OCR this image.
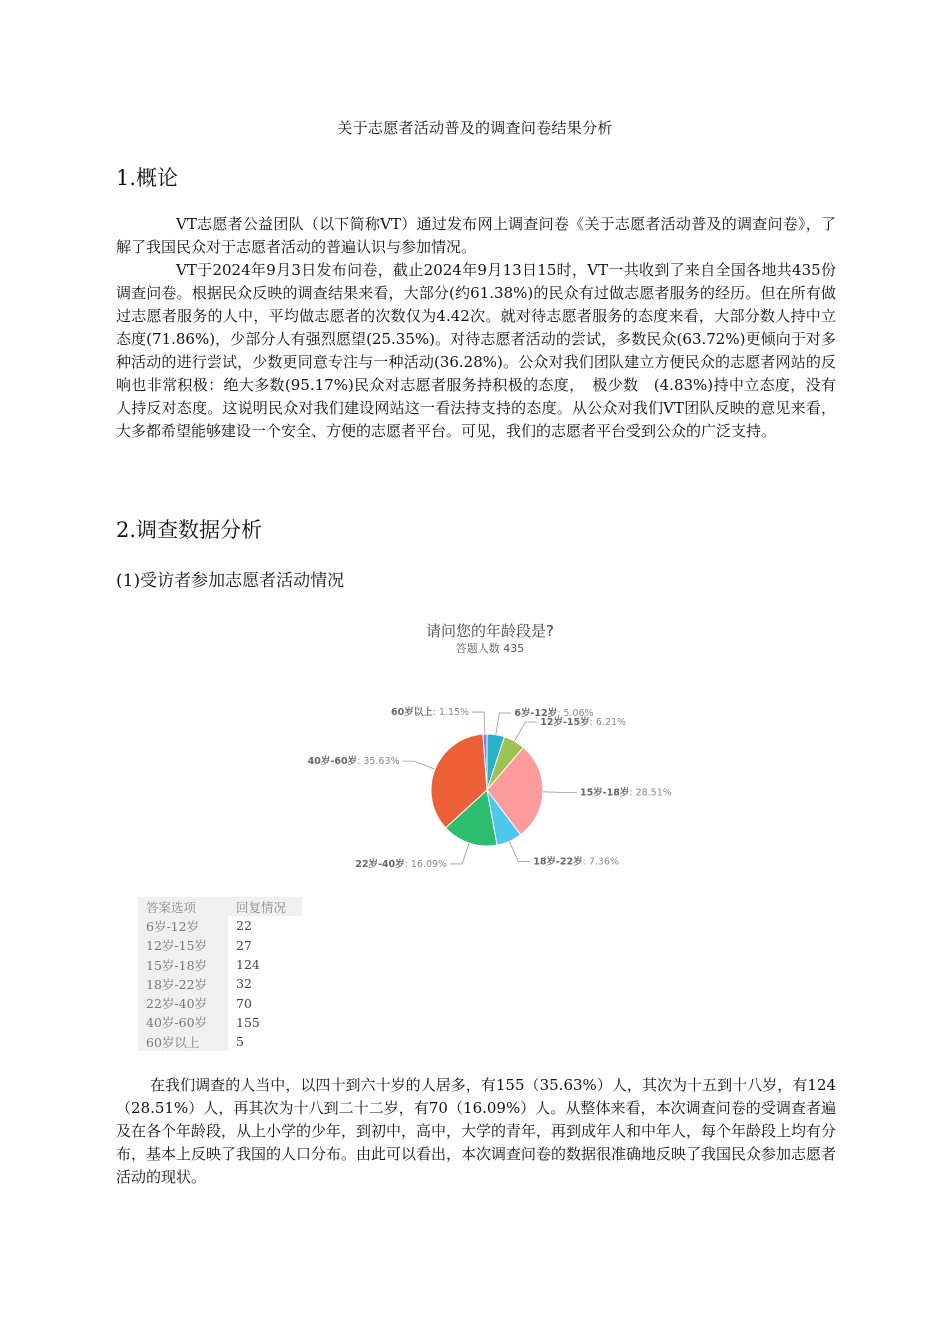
关于志愿者活动普及的调查问卷结果分析
1.概论

VT志愿者公益团队（以下简称VT）通过发布网上调查问卷《关于志愿者活动普及的调查问卷》，了解了我国民众对于志愿者活动的普遍认识与参加情况。

VT于2024年9月3日发布问卷，截止2024年9月13日15时，VT一共收到了来自全国各地共435份调查问卷。根据民众反映的调查结果来看，大部分(约61.38%)的民众有过做志愿者服务的经历。但在所有做过志愿者服务的人中，平均做志愿者的次数仅为4.42次。就对待志愿者服务的态度来看，大部分数人持中立态度(71.86%)，少部分人有强烈愿望(25.35%)。对待志愿者活动的尝试，多数民众(63.72%)更倾向于对多种活动的进行尝试，少数更同意专注与一种活动(36.28%)。公众对我们团队建立方便民众的志愿者网站的反响也非常积极：绝大多数(95.17%)民众对志愿者服务持积极的态度，　极少数　(4.83%)持中立态度，没有人持反对态度。这说明民众对我们建设网站这一看法持支持的态度。从公众对我们VT团队反映的意见来看，大多都希望能够建设一个安全、方便的志愿者平台。可见，我们的志愿者平台受到公众的广泛支持。

2.调查数据分析
(1)受访者参加志愿者活动情况
请问您的年龄段是?
答题人数 435
6岁-12岁: 5.06%
12岁-15岁: 6.21%
15岁-18岁: 28.51%
18岁-22岁: 7.36%
22岁-40岁: 16.09%
40岁-60岁: 35.63%
60岁以上: 1.15%
答案选项	回复情况
6岁-12岁	22
12岁-15岁	27
15岁-18岁	124
18岁-22岁	32
22岁-40岁	70
40岁-60岁	155
60岁以上	5

在我们调查的人当中，以四十到六十岁的人居多，有155（35.63%）人，其次为十五到十八岁，有124（28.51%）人，再其次为十八到二十二岁，有70（16.09%）人。从整体来看，本次调查问卷的受调查者遍及在各个年龄段，从上小学的少年，到初中，高中，大学的青年，再到成年人和中年人，每个年龄段上均有分布，基本上反映了我国的人口分布。由此可以看出，本次调查问卷的数据很准确地反映了我国民众参加志愿者活动的现状。
